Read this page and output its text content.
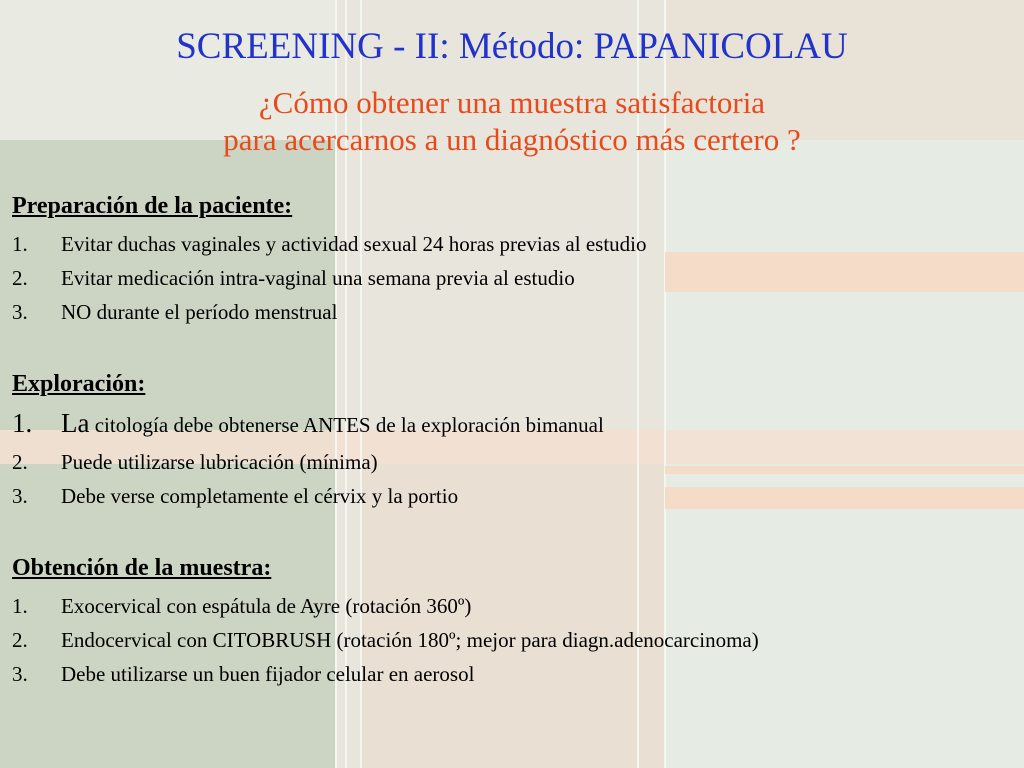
SCREENING - II: Método: PAPANICOLAU
¿Cómo obtener una muestra satisfactoria
para acercarnos a un diagnóstico más certero ?
Preparación de la paciente:
1. Evitar duchas vaginales y actividad sexual 24 horas previas al estudio
2. Evitar medicación intra-vaginal una semana previa al estudio
3. NO durante el período menstrual
Exploración:
1. La citología debe obtenerse ANTES de la exploración bimanual
2. Puede utilizarse lubricación (mínima)
3. Debe verse completamente el cérvix y la portio
Obtención de la muestra:
1. Exocervical con espátula de Ayre (rotación 360º)
2. Endocervical con CITOBRUSH (rotación 180º; mejor para diagn.adenocarcinoma)
3. Debe utilizarse un buen fijador celular en aerosol
